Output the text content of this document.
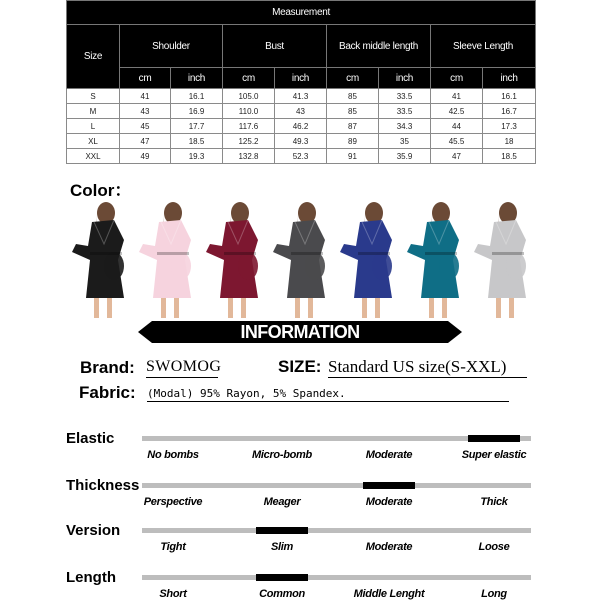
Measurement								
Size	Shoulder		Bust		Back middle length		Sleeve Length	
	cm	inch	cm	inch	cm	inch	cm	inch
S	41	16.1	105.0	41.3	85	33.5	41	16.1
M	43	16.9	110.0	43	85	33.5	42.5	16.7
L	45	17.7	117.6	46.2	87	34.3	44	17.3
XL	47	18.5	125.2	49.3	89	35	45.5	18
XXL	49	19.3	132.8	52.3	91	35.9	47	18.5
Color：
INFORMATION
Brand: SWOMOG	SIZE: Standard US size(S-XXL)
Fabric: (Modal) 95% Rayon, 5% Spandex.
Elastic
No bombs	Micro-bomb	Moderate	Super elastic
Thickness
Perspective	Meager	Moderate	Thick
Version
Tight	Slim	Moderate	Loose
Length
Short	Common	Middle Lenght	Long
